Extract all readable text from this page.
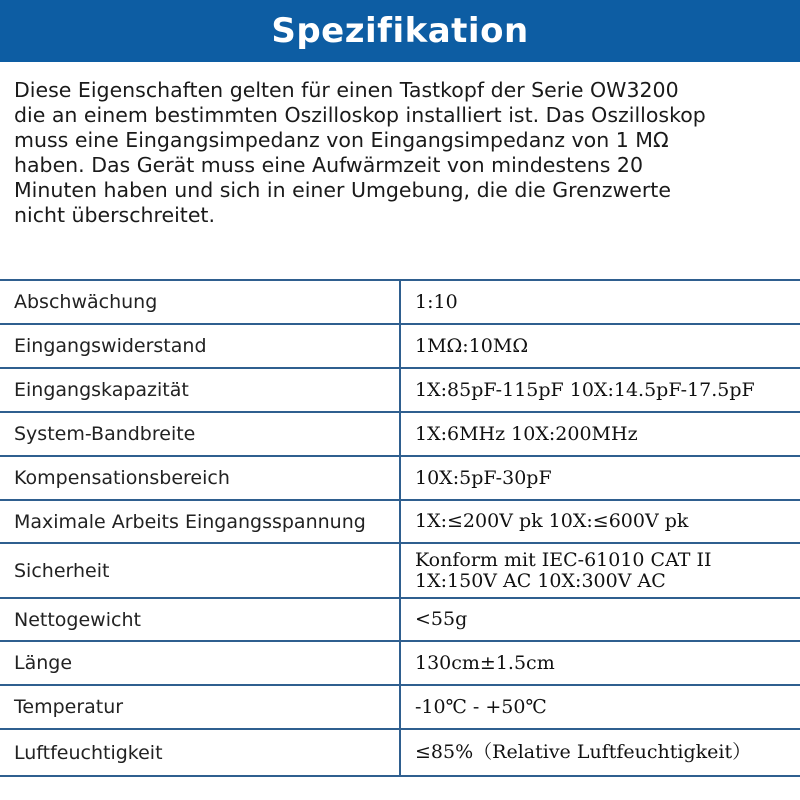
Spezifikation
Diese Eigenschaften gelten für einen Tastkopf der Serie OW3200
die an einem bestimmten Oszilloskop installiert ist. Das Oszilloskop
muss eine Eingangsimpedanz von Eingangsimpedanz von 1 MΩ
haben. Das Gerät muss eine Aufwärmzeit von mindestens 20
Minuten haben und sich in einer Umgebung, die die Grenzwerte
nicht überschreitet.
Abschwächung	1:10

Eingangswiderstand	1MΩ:10MΩ

Eingangskapazität	1X:85pF-115pF 10X:14.5pF-17.5pF

System-Bandbreite	1X:6MHz 10X:200MHz

Kompensationsbereich	10X:5pF-30pF

Maximale Arbeits Eingangsspannung	1X:≤200V pk 10X:≤600V pk

Sicherheit	Konform mit IEC-61010 CAT II
1X:150V AC 10X:300V AC

Nettogewicht	<55g

Länge	130cm±1.5cm

Temperatur	-10℃ - +50℃

Luftfeuchtigkeit	≤85%（Relative Luftfeuchtigkeit）
